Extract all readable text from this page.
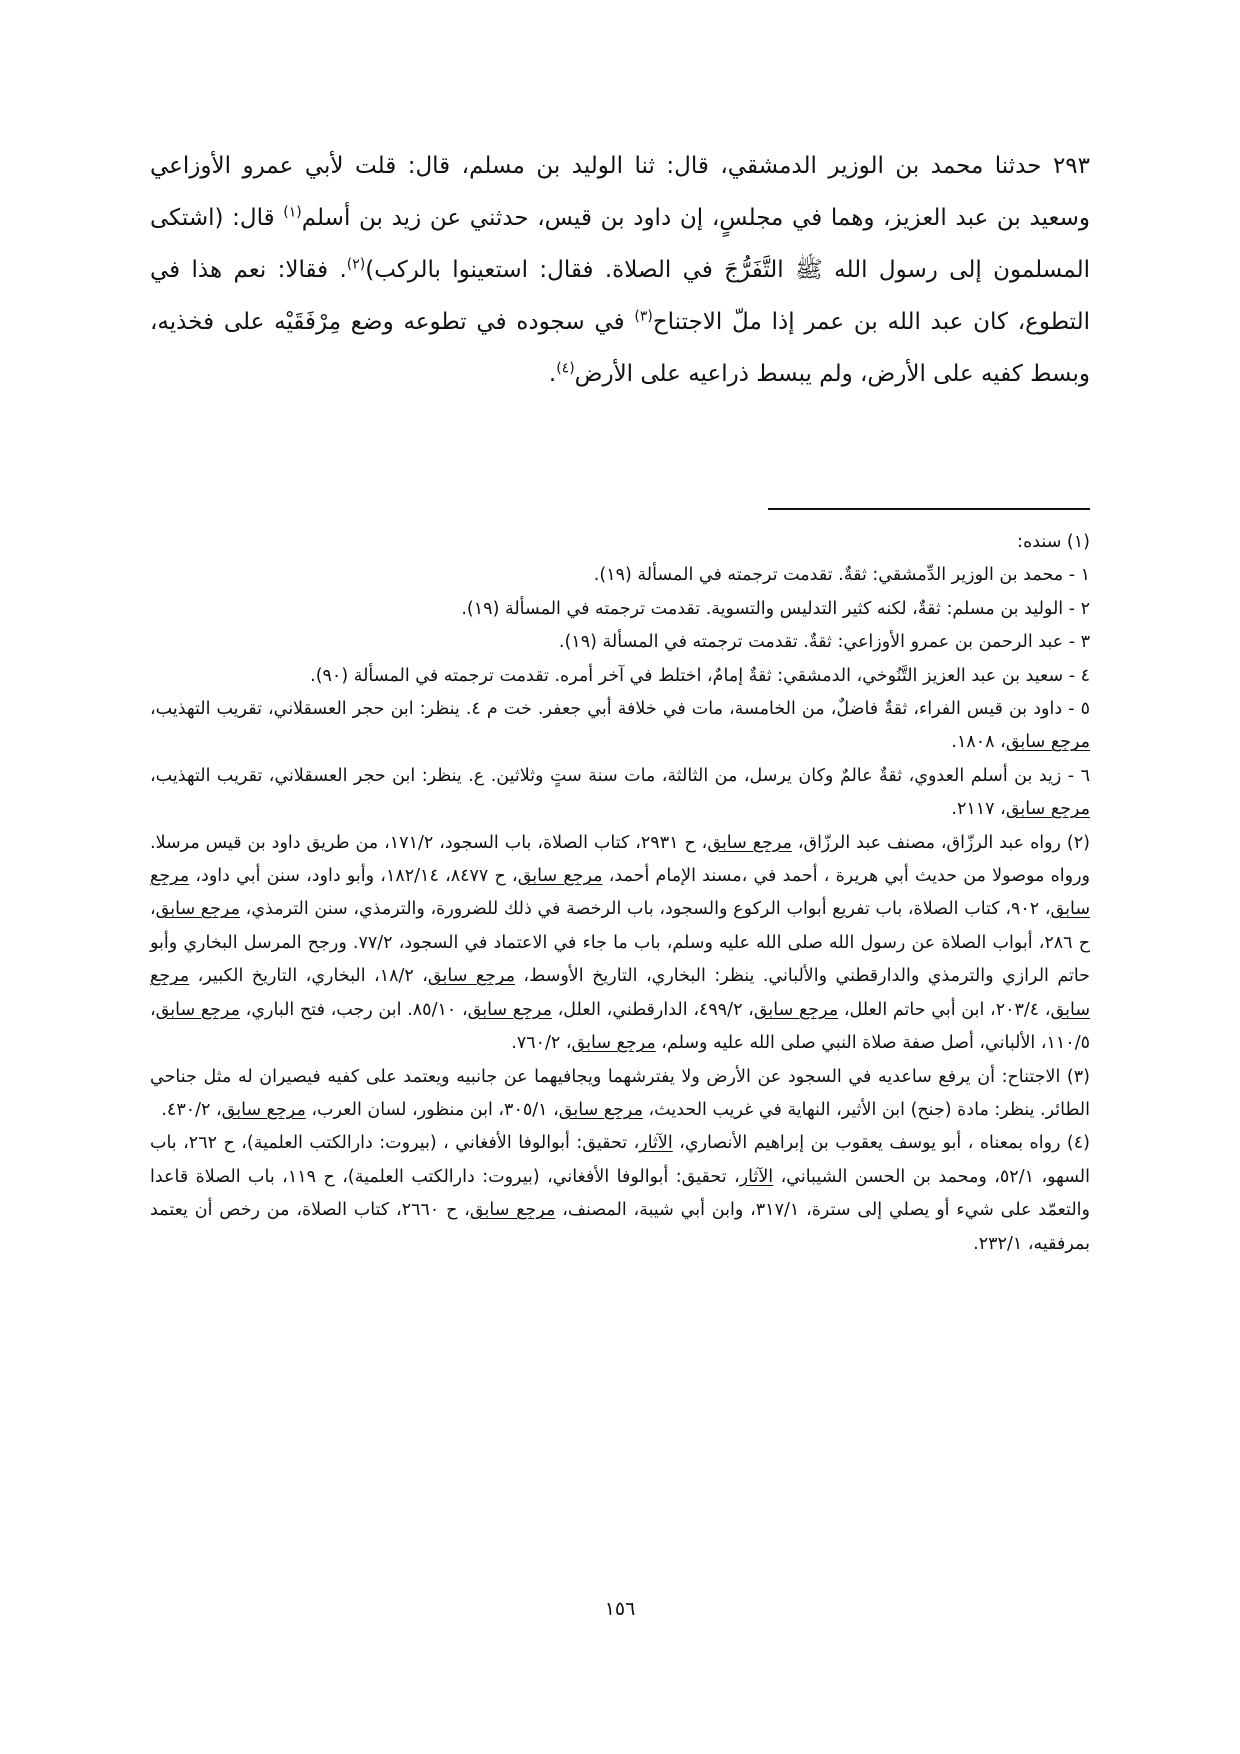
٢٩٣ حدثنا محمد بن الوزير الدمشقي، قال: ثنا الوليد بن مسلم، قال: قلت لأبي عمرو الأوزاعي وسعيد بن عبد العزيز، وهما في مجلسٍ، إن داود بن قيس، حدثني عن زيد بن أسلم$^{(١)}$ قال: (اشتكى المسلمون إلى رسول الله ﷺ التَّفَرُّجَ في الصلاة. فقال: استعينوا بالركب)$^{(٢)}$. فقالا: نعم هذا في التطوع، كان عبد الله بن عمر إذا ملّ الاجتناح$^{(٣)}$ في سجوده في تطوعه وضع مِرْفَقَيْه على فخذيه، وبسط كفيه على الأرض، ولم يبسط ذراعيه على الأرض$^{(٤)}$.

(١) سنده:

١ - محمد بن الوزير الدِّمشقي: ثقةٌ. تقدمت ترجمته في المسألة (١٩).

٢ - الوليد بن مسلم: ثقةٌ، لكنه كثير التدليس والتسوية. تقدمت ترجمته في المسألة (١٩).

٣ - عبد الرحمن بن عمرو الأوزاعي: ثقةٌ. تقدمت ترجمته في المسألة (١٩).

٤ - سعيد بن عبد العزيز التَّنُوخي، الدمشقي: ثقةٌ إمامٌ، اختلط في آخر أمره. تقدمت ترجمته في المسألة (٩٠).

٥ - داود بن قيس الفراء، ثقةٌ فاضلٌ، من الخامسة، مات في خلافة أبي جعفر. خت م ٤. ينظر: ابن حجر العسقلاني، تقريب التهذيب، مرجع سابق، ١٨٠٨.

٦ - زيد بن أسلم العدوي، ثقةٌ عالمٌ وكان يرسل، من الثالثة، مات سنة ستٍ وثلاثين. ع. ينظر: ابن حجر العسقلاني، تقريب التهذيب، مرجع سابق، ٢١١٧.

(٢) رواه عبد الرزّاق، مصنف عبد الرزّاق، مرجع سابق، ح ٢٩٣١، كتاب الصلاة، باب السجود، ١٧١/٢، من طريق داود بن قيس مرسلا. ورواه موصولا من حديث أبي هريرة ، أحمد في ،مسند الإمام أحمد، مرجع سابق، ح ٨٤٧٧، ١٨٢/١٤، وأبو داود، سنن أبي داود، مرجع سابق، ٩٠٢، كتاب الصلاة، باب تفريع أبواب الركوع والسجود، باب الرخصة في ذلك للضرورة، والترمذي، سنن الترمذي، مرجع سابق، ح ٢٨٦، أبواب الصلاة عن رسول الله صلى الله عليه وسلم، باب ما جاء في الاعتماد في السجود، ٧٧/٢. ورجح المرسل البخاري وأبو حاتم الرازي والترمذي والدارقطني والألباني. ينظر: البخاري، التاريخ الأوسط، مرجع سابق، ١٨/٢، البخاري، التاريخ الكبير، مرجع سابق، ٢٠٣/٤، ابن أبي حاتم العلل، مرجع سابق، ٤٩٩/٢، الدارقطني، العلل، مرجع سابق، ٨٥/١٠. ابن رجب، فتح الباري، مرجع سابق، ١١٠/٥، الألباني، أصل صفة صلاة النبي صلى الله عليه وسلم، مرجع سابق، ٧٦٠/٢.

(٣) الاجتناح: أن يرفع ساعديه في السجود عن الأرض ولا يفترشهما ويجافيهما عن جانبيه ويعتمد على كفيه فيصيران له مثل جناحي الطائر. ينظر: مادة (جنح) ابن الأثير، النهاية في غريب الحديث، مرجع سابق، ٣٠٥/١، ابن منظور، لسان العرب، مرجع سابق، ٤٣٠/٢.

(٤) رواه بمعناه ، أبو يوسف يعقوب بن إبراهيم الأنصاري، الآثار، تحقيق: أبوالوفا الأفغاني ، (بيروت: دارالكتب العلمية)، ح ٢٦٢، باب السهو، ٥٢/١، ومحمد بن الحسن الشيباني، الآثار، تحقيق: أبوالوفا الأفغاني، (بيروت: دارالكتب العلمية)، ح ١١٩، باب الصلاة قاعدا والتعمّد على شيء أو يصلي إلى سترة، ٣١٧/١، وابن أبي شيبة، المصنف، مرجع سابق، ح ٢٦٦٠، كتاب الصلاة، من رخص أن يعتمد بمرفقيه، ٢٣٢/١.

١٥٦
